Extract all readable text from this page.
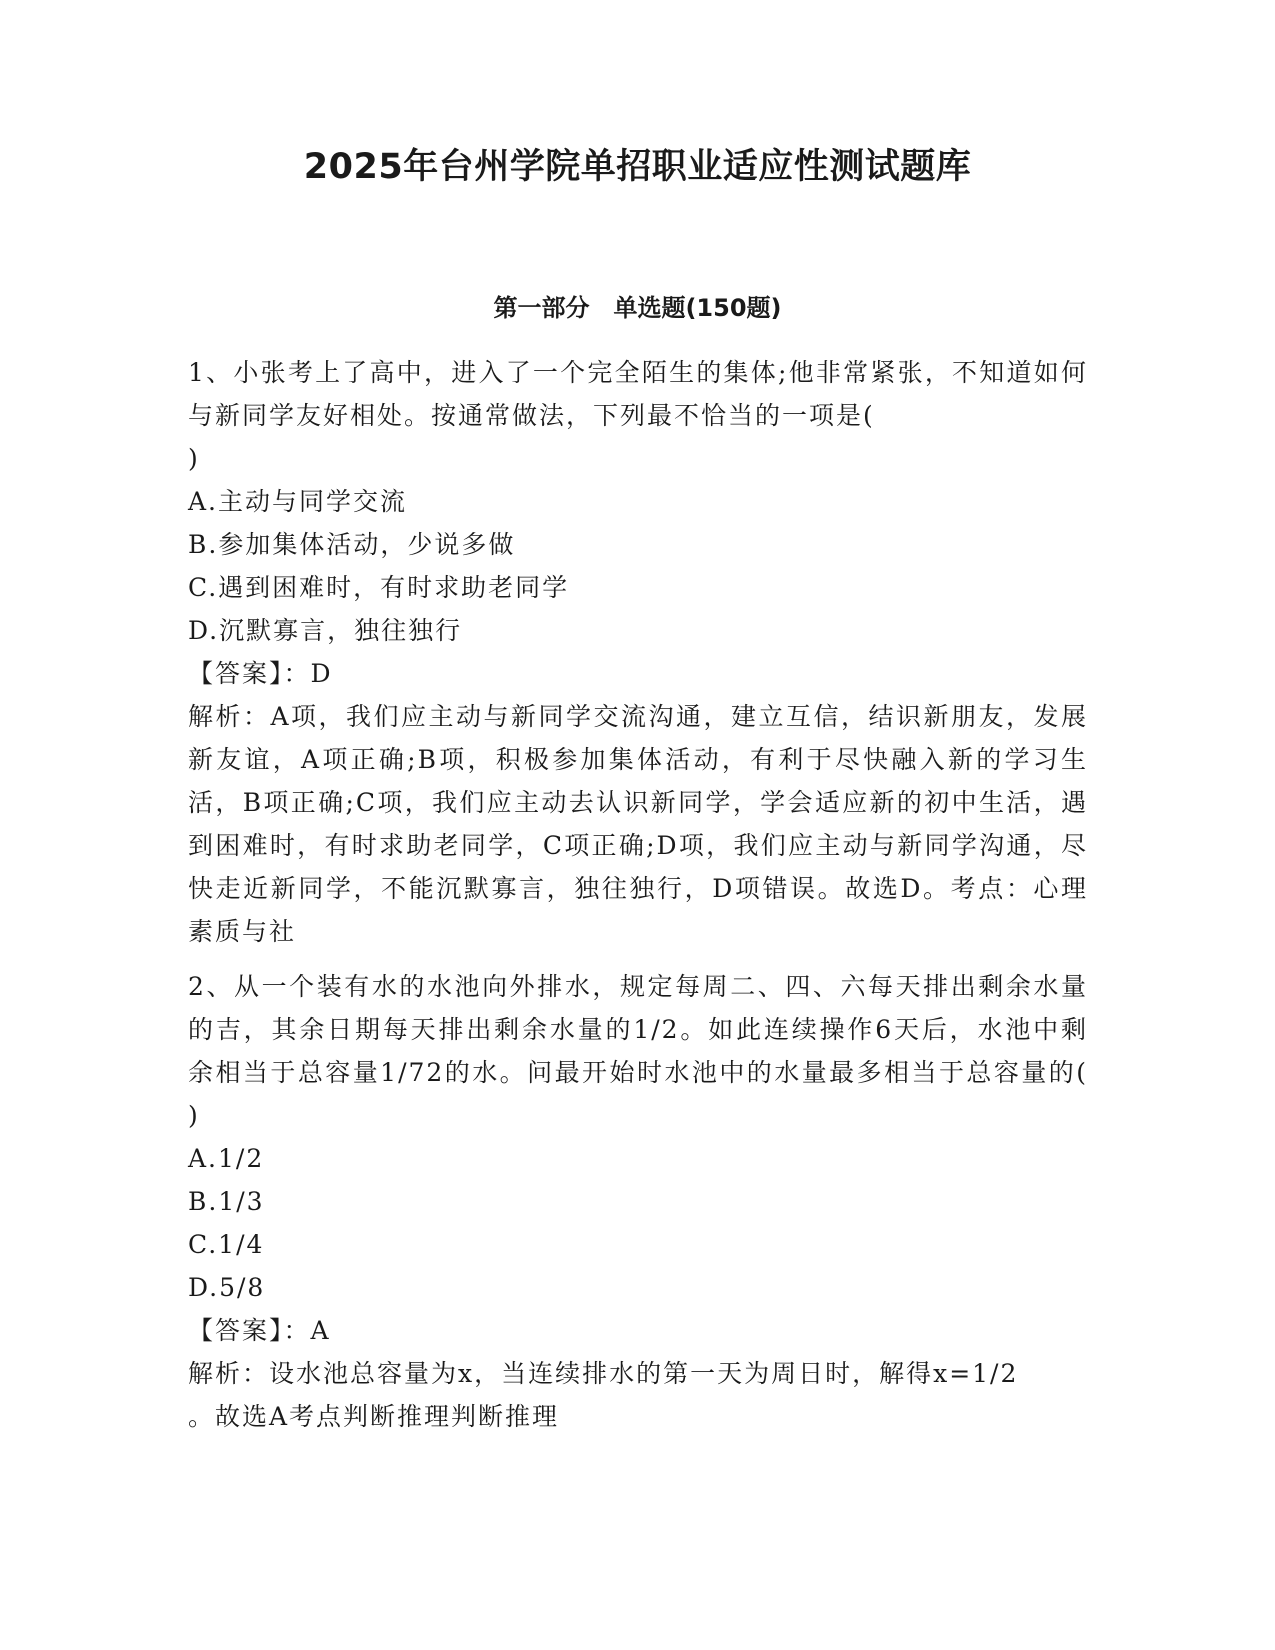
2025年台州学院单招职业适应性测试题库
第一部分　单选题(150题)

1、小张考上了高中，进入了一个完全陌生的集体;他非常紧张，不知道如何与新同学友好相处。按通常做法，下列最不恰当的一项是(

)

A.主动与同学交流

B.参加集体活动，少说多做

C.遇到困难时，有时求助老同学

D.沉默寡言，独往独行

【答案】：D

解析：A项，我们应主动与新同学交流沟通，建立互信，结识新朋友，发展新友谊，A项正确;B项，积极参加集体活动，有利于尽快融入新的学习生活，B项正确;C项，我们应主动去认识新同学，学会适应新的初中生活，遇到困难时，有时求助老同学，C项正确;D项，我们应主动与新同学沟通，尽快走近新同学，不能沉默寡言，独往独行，D项错误。故选D。考点：心理素质与社

2、从一个装有水的水池向外排水，规定每周二、四、六每天排出剩余水量的吉，其余日期每天排出剩余水量的1/2。如此连续操作6天后，水池中剩余相当于总容量1/72的水。问最开始时水池中的水量最多相当于总容量的(　　)

A.1/2

B.1/3

C.1/4

D.5/8

【答案】：A

解析：设水池总容量为x，当连续排水的第一天为周日时，解得x=1/2

。故选A考点判断推理判断推理
